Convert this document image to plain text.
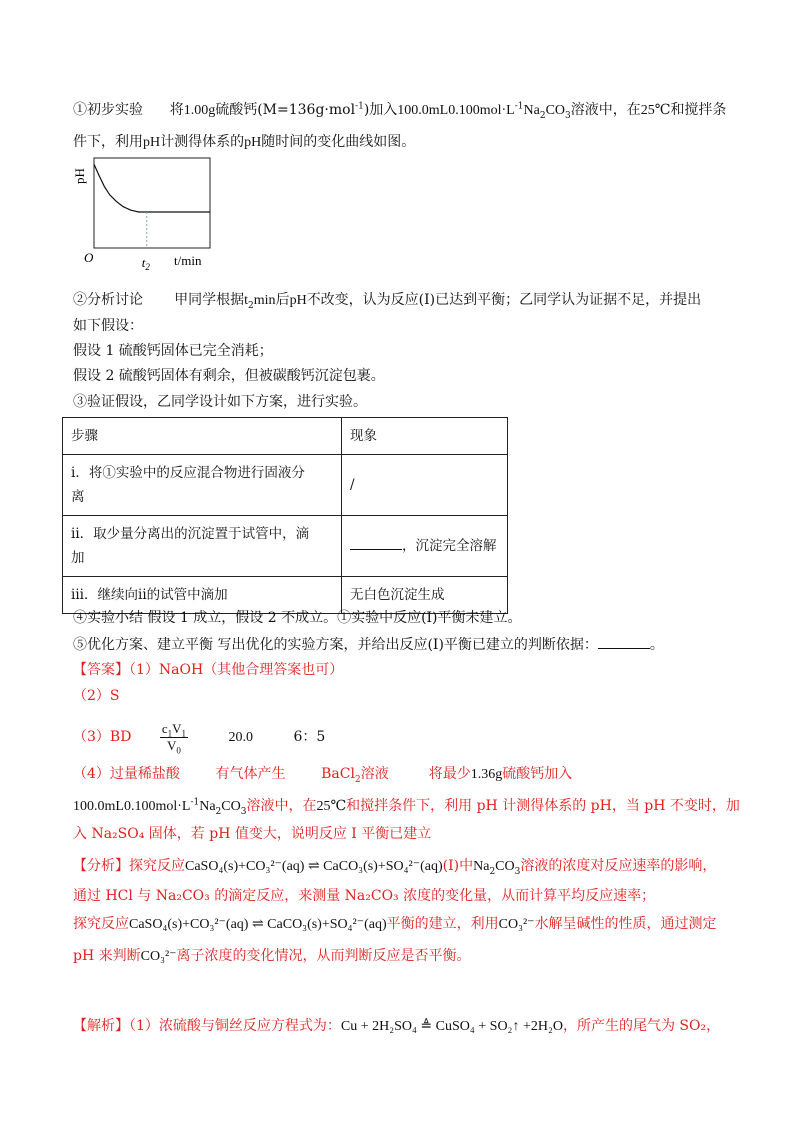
①初步实验 将1.00g硫酸钙(M=136g·mol$^{-1}$)加入$100.0mL0.100mol\cdot L^{-1}Na_2CO_3$溶液中，在25℃和搅拌条
件下，利用pH计测得体系的pH随时间的变化曲线如图。
pH
O	$t_2$ t/min
②分析讨论 甲同学根据$t_2\min$后pH不改变，认为反应(Ⅰ)已达到平衡；乙同学认为证据不足，并提出
如下假设：
假设 1 硫酸钙固体已完全消耗；
假设 2 硫酸钙固体有剩余，但被碳酸钙沉淀包裹。
③验证假设，乙同学设计如下方案，进行实验。
步骤	现象
ⅰ．将①实验中的反应混合物进行固液分
离	/
ⅱ．取少量分离出的沉淀置于试管中，滴
加	，沉淀完全溶解
ⅲ．继续向ⅱ的试管中滴加	无白色沉淀生成
④实验小结 假设 1 成立，假设 2 不成立。①实验中反应(Ⅰ)平衡未建立。
⑤优化方案、建立平衡 写出优化的实验方案，并给出反应(Ⅰ)平衡已建立的判断依据：	。
【答案】（1）NaOH（其他合理答案也可）
（2）S
$(3)BD \frac{c_1V_1}{V_0}$	20.0	6：5
（4）过量稀盐酸	有气体产生	BaCl$_2$溶液	将最少1.36g硫酸钙加入
$100.0mL0.100mol\cdot L^{-1}Na_2CO_3$溶液中，在25℃和搅拌条件下，利用 pH 计测得体系的 pH，当 pH 不变时，加
入 Na₂SO₄ 固体，若 pH 值变大，说明反应 I 平衡已建立
【分析】探究反应CaSO₄(s)+CO₃²⁻(aq) ⇌ CaCO₃(s)+SO₄²⁻(aq)(Ⅰ)中$Na_2CO_3$溶液的浓度对反应速率的影响，
通过 HCl 与 Na₂CO₃ 的滴定反应，来测量 Na₂CO₃ 浓度的变化量，从而计算平均反应速率；
探究反应CaSO₄(s)+CO₃²⁻(aq) ⇌ CaCO₃(s)+SO₄²⁻(aq)平衡的建立，利用CO₃²⁻水解呈碱性的性质，通过测定
pH 来判断CO₃²⁻离子浓度的变化情况，从而判断反应是否平衡。
【解析】（1）浓硫酸与铜丝反应方程式为：Cu + 2H₂SO₄ ≜ CuSO₄ + SO₂↑ +2H₂O，所产生的尾气为 SO₂，
